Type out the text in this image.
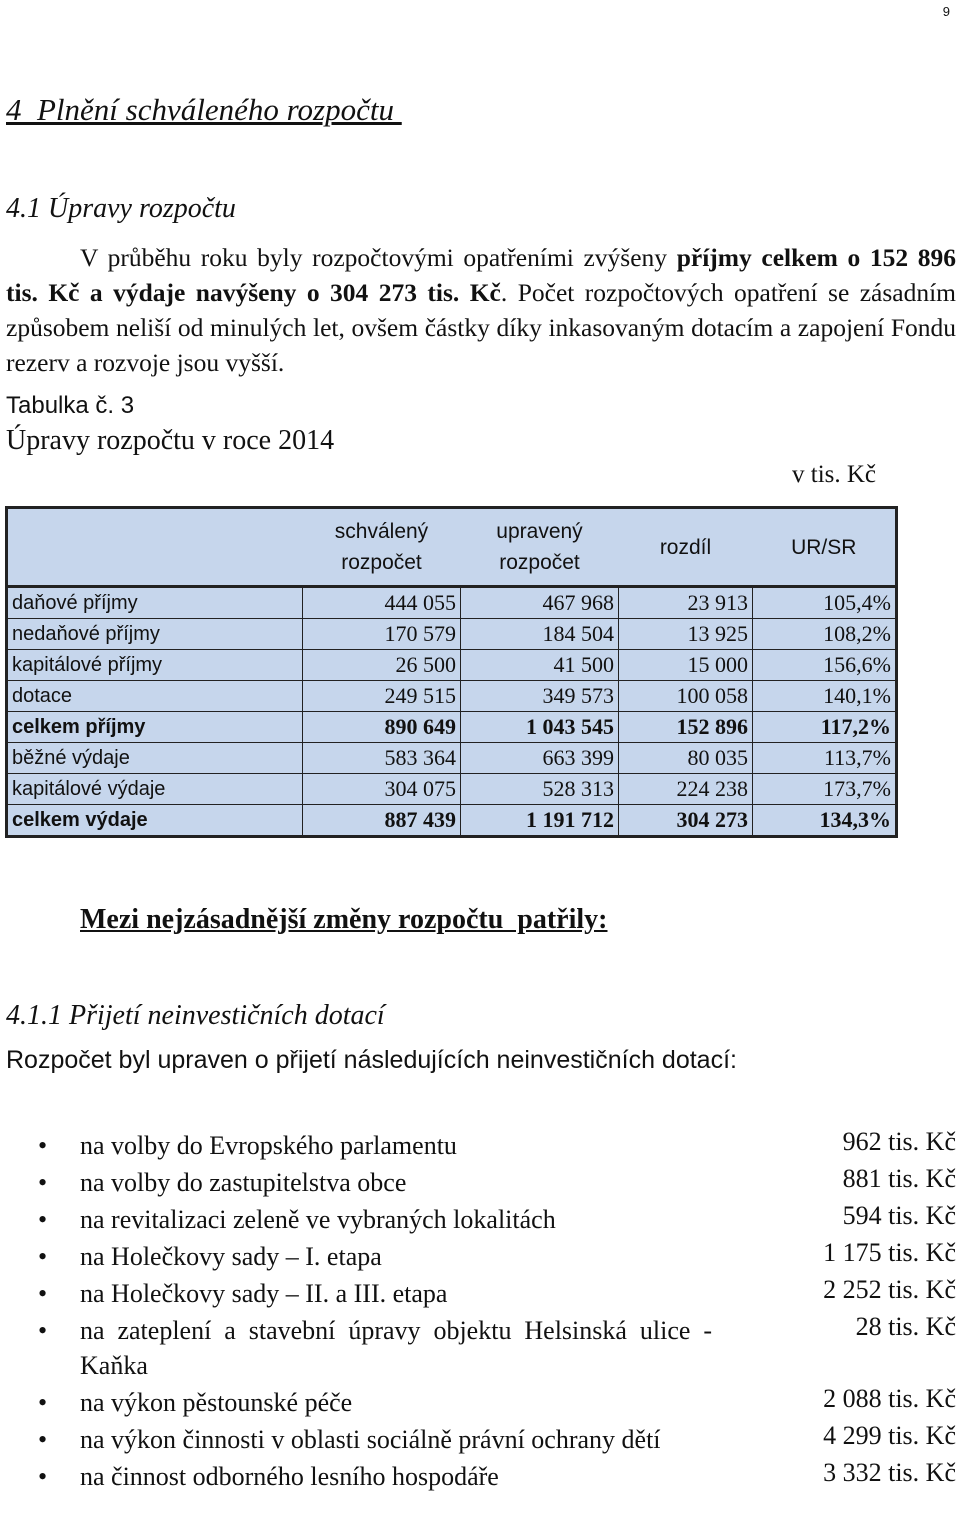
9
4  Plnění schváleného rozpočtu
4.1 Úpravy rozpočtu
V průběhu roku byly rozpočtovými opatřeními zvýšeny příjmy celkem o 152 896 tis. Kč a výdaje navýšeny o 304 273 tis. Kč. Počet rozpočtových opatření se zásadním způsobem neliší od minulých let, ovšem částky díky inkasovaným dotacím a zapojení Fondu rezerv a rozvoje jsou vyšší.
Tabulka č. 3
Úpravy rozpočtu v roce 2014
v tis. Kč
	schválený rozpočet	upravený rozpočet	rozdíl	UR/SR
daňové příjmy	444 055	467 968	23 913	105,4%
nedaňové příjmy	170 579	184 504	13 925	108,2%
kapitálové příjmy	26 500	41 500	15 000	156,6%
dotace	249 515	349 573	100 058	140,1%
celkem příjmy	890 649	1 043 545	152 896	117,2%
běžné výdaje	583 364	663 399	80 035	113,7%
kapitálové výdaje	304 075	528 313	224 238	173,7%
celkem výdaje	887 439	1 191 712	304 273	134,3%
Mezi nejzásadnější změny rozpočtu  patřily:
4.1.1 Přijetí neinvestičních dotací
Rozpočet byl upraven o přijetí následujících neinvestičních dotací:
• na volby do Evropského parlamentu	962 tis. Kč
• na volby do zastupitelstva obce	881 tis. Kč
• na revitalizaci zeleně ve vybraných lokalitách	594 tis. Kč
• na Holečkovy sady – I. etapa	1 175 tis. Kč
• na Holečkovy sady – II. a III. etapa	2 252 tis. Kč
• na zateplení a stavební úpravy objektu Helsinská ulice - Kaňka
28 tis. Kč
• na výkon pěstounské péče	2 088 tis. Kč
• na výkon činnosti v oblasti sociálně právní ochrany dětí	4 299 tis. Kč
• na činnost odborného lesního hospodáře	3 332 tis. Kč
